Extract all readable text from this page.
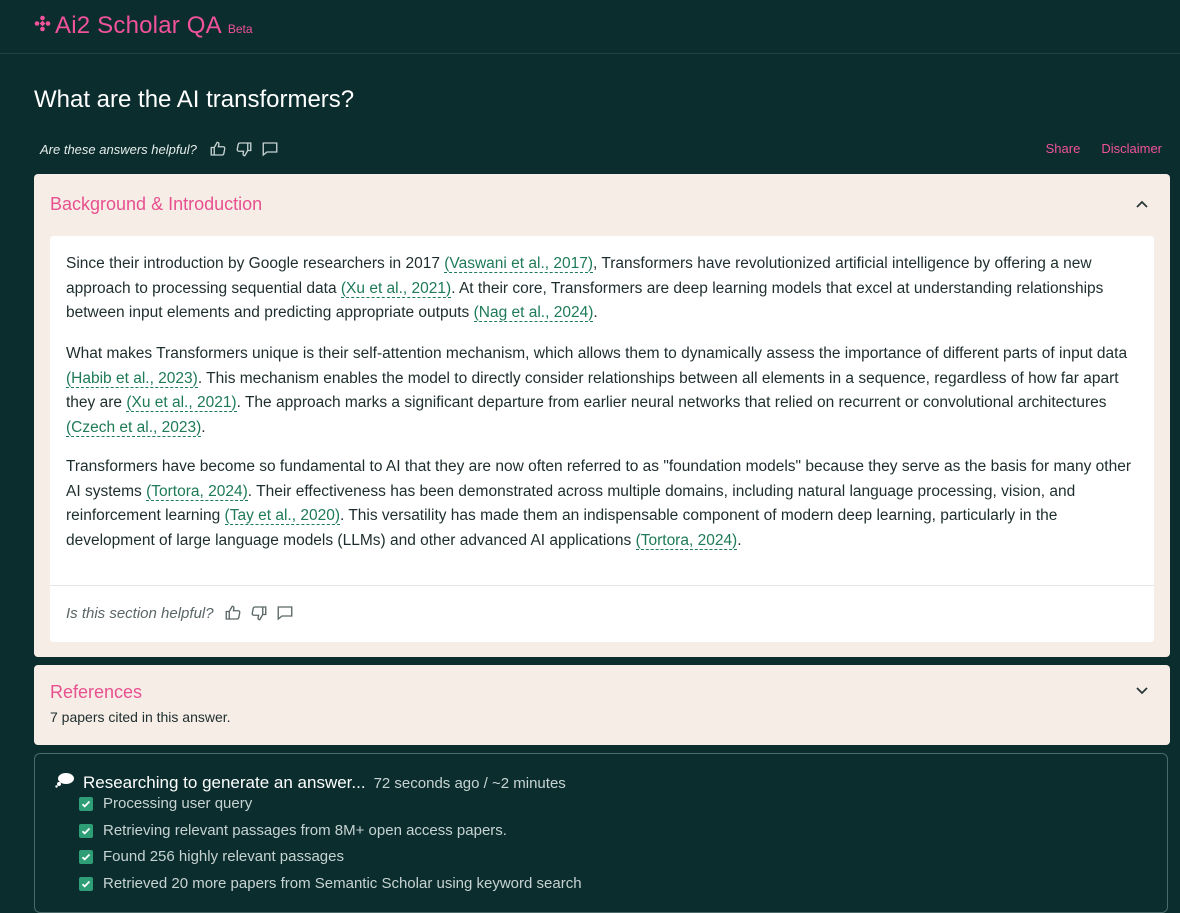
Ai2 Scholar QA Beta
What are the AI transformers?
Are these answers helpful?	Share Disclaimer
Background & Introduction

Since their introduction by Google researchers in 2017 (Vaswani et al., 2017), Transformers have revolutionized artificial intelligence by offering a new approach to processing sequential data (Xu et al., 2021). At their core, Transformers are deep learning models that excel at understanding relationships between input elements and predicting appropriate outputs (Nag et al., 2024).

What makes Transformers unique is their self-attention mechanism, which allows them to dynamically assess the importance of different parts of input data (Habib et al., 2023). This mechanism enables the model to directly consider relationships between all elements in a sequence, regardless of how far apart they are (Xu et al., 2021). The approach marks a significant departure from earlier neural networks that relied on recurrent or convolutional architectures (Czech et al., 2023).

Transformers have become so fundamental to AI that they are now often referred to as "foundation models" because they serve as the basis for many other AI systems (Tortora, 2024). Their effectiveness has been demonstrated across multiple domains, including natural language processing, vision, and reinforcement learning (Tay et al., 2020). This versatility has made them an indispensable component of modern deep learning, particularly in the development of large language models (LLMs) and other advanced AI applications (Tortora, 2024).

Is this section helpful?
References
7 papers cited in this answer.
Researching to generate an answer... 72 seconds ago / ~2 minutes
Processing user query
Retrieving relevant passages from 8M+ open access papers.
Found 256 highly relevant passages
Retrieved 20 more papers from Semantic Scholar using keyword search
